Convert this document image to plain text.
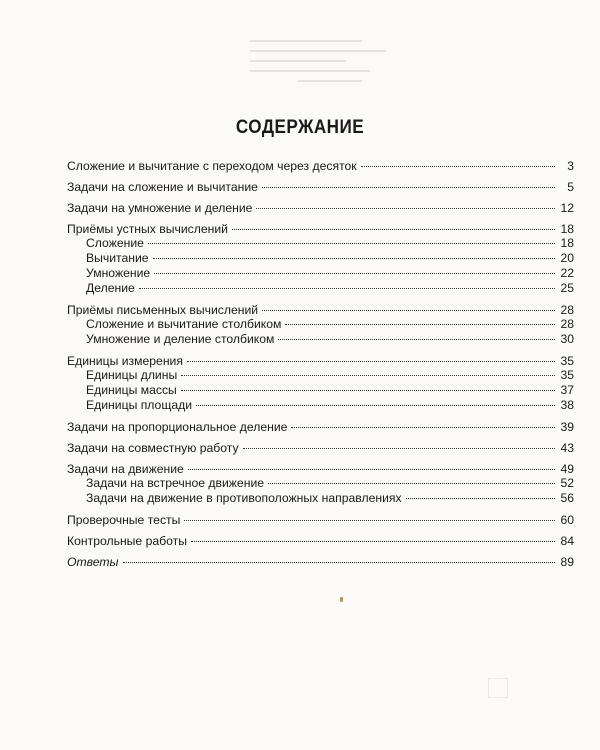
СОДЕРЖАНИЕ
Сложение и вычитание с переходом через десяток	3
Задачи на сложение и вычитание	5
Задачи на умножение и деление	12
Приёмы устных вычислений	18
Сложение	18
Вычитание	20
Умножение	22
Деление	25
Приёмы письменных вычислений	28
Сложение и вычитание столбиком	28
Умножение и деление столбиком	30
Единицы измерения	35
Единицы длины	35
Единицы массы	37
Единицы площади	38
Задачи на пропорциональное деление	39
Задачи на совместную работу	43
Задачи на движение	49
Задачи на встречное движение	52
Задачи на движение в противоположных направлениях	56
Проверочные тесты	60
Контрольные работы	84
Ответы	89
